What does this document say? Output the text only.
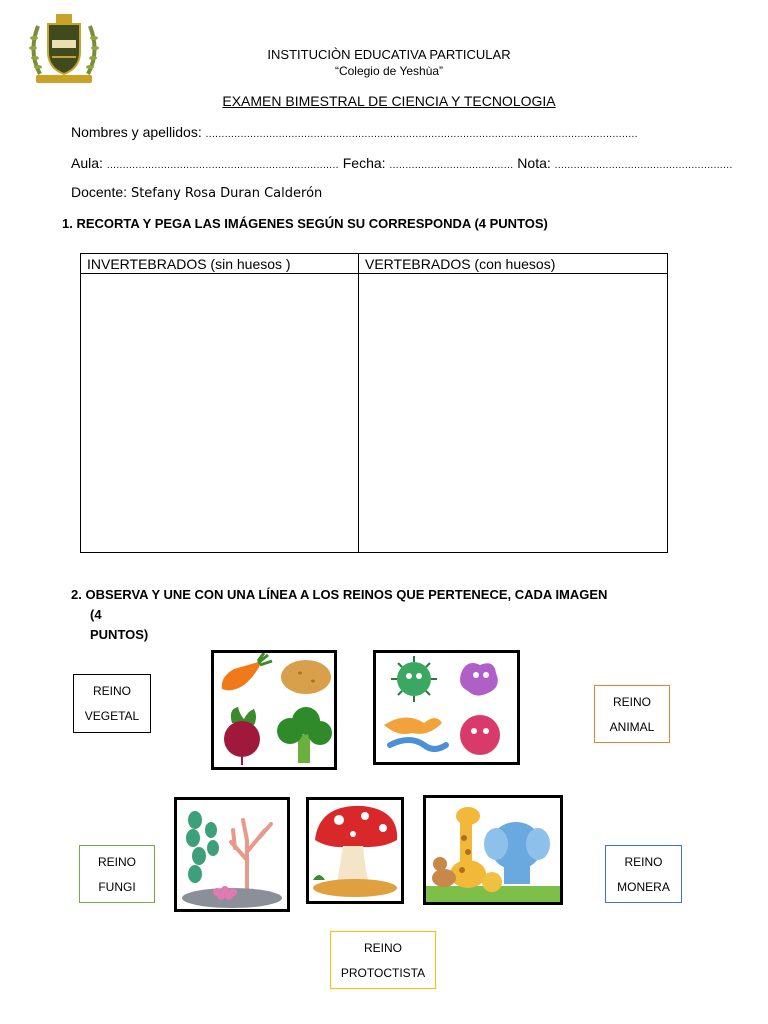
INSTITUCIÒN EDUCATIVA PARTICULAR
“Colegio de Yeshùa”
EXAMEN BIMESTRAL DE CIENCIA Y TECNOLOGIA
Nombres y apellidos: ........................................................................................................................................
Aula: ......................................................................... Fecha: ....................................... Nota: ........................................................
Docente: Stefany Rosa Duran Calderón
1. RECORTA Y PEGA LAS IMÁGENES SEGÚN SU CORRESPONDA (4 PUNTOS)
INVERTEBRADOS (sin huesos )	VERTEBRADOS (con huesos)

2. OBSERVA Y UNE CON UNA LÍNEA A LOS REINOS QUE PERTENECE, CADA IMAGEN
(4
PUNTOS)
REINO
VEGETAL
REINO
ANIMAL
REINO
FUNGI
REINO
MONERA
REINO
PROTOCTISTA
